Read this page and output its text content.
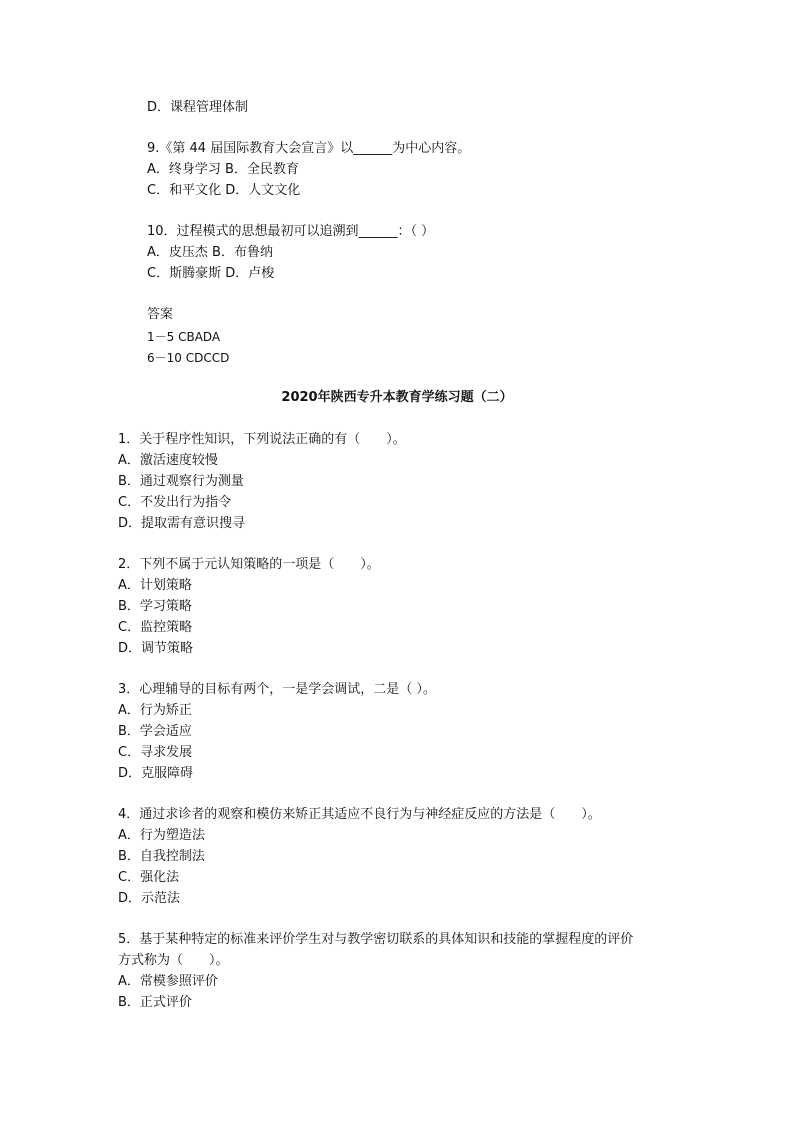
D．课程管理体制
9.《第 44 届国际教育大会宣言》以______为中心内容。
A．终身学习 B．全民教育
C．和平文化 D．人文文化
10．过程模式的思想最初可以追溯到______：（ ）
A．皮压杰 B．布鲁纳
C．斯腾豪斯 D．卢梭
答案
1－5 CBADA
6－10 CDCCD
2020年陕西专升本教育学练习题（二）
1．关于程序性知识，下列说法正确的有（　　）。
A．激活速度较慢
B．通过观察行为测量
C．不发出行为指令
D．提取需有意识搜寻
2．下列不属于元认知策略的一项是（　　）。
A．计划策略
B．学习策略
C．监控策略
D．调节策略
3．心理辅导的目标有两个，一是学会调试，二是（ ）。
A．行为矫正
B．学会适应
C．寻求发展
D．克服障碍
4．通过求诊者的观察和模仿来矫正其适应不良行为与神经症反应的方法是（　　）。
A．行为塑造法
B．自我控制法
C．强化法
D．示范法
5．基于某种特定的标准来评价学生对与教学密切联系的具体知识和技能的掌握程度的评价
方式称为（　　）。
A．常模参照评价
B．正式评价
